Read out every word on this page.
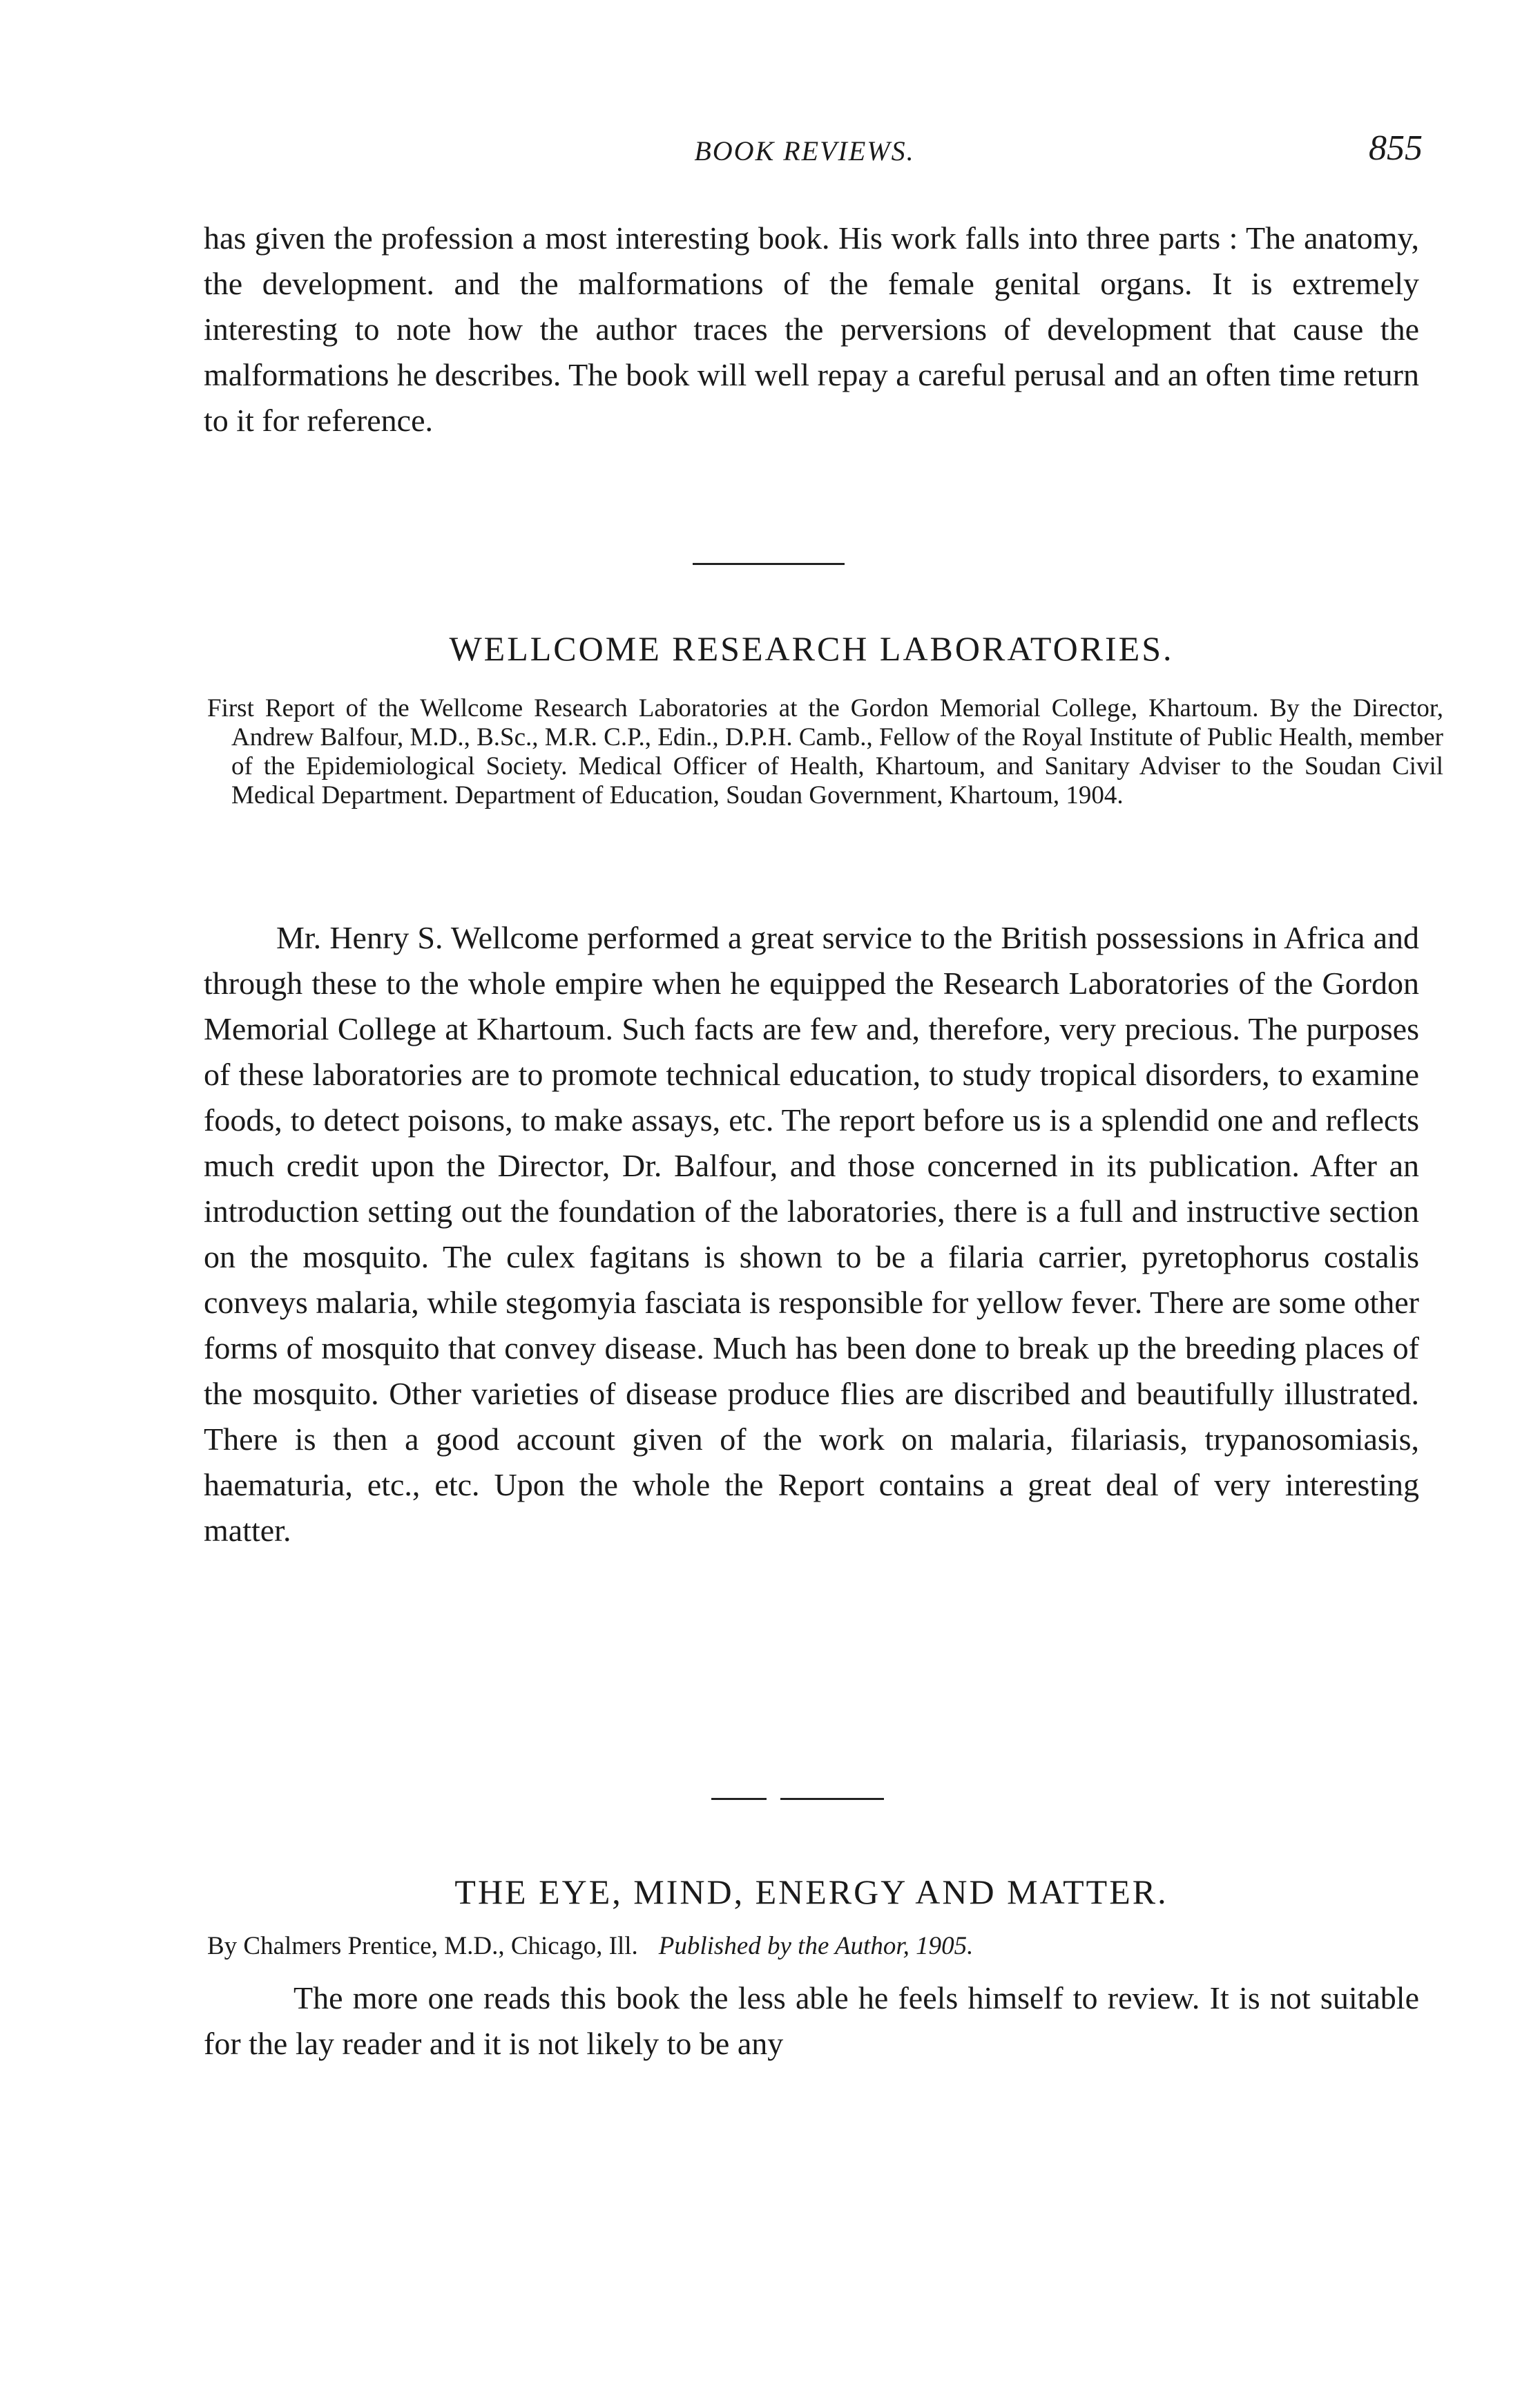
BOOK REVIEWS.	855

has given the profession a most interesting book. His work falls into three parts : The anatomy, the development. and the malformations of the female genital organs. It is extremely interesting to note how the author traces the perversions of development that cause the malformations he describes. The book will well repay a careful perusal and an often time return to it for reference.

WELLCOME RESEARCH LABORATORIES.

First Report of the Wellcome Research Laboratories at the Gordon Memorial College, Khartoum. By the Director, Andrew Balfour, M.D., B.Sc., M.R. C.P., Edin., D.P.H. Camb., Fellow of the Royal Institute of Public Health, member of the Epidemiological Society. Medical Officer of Health, Khartoum, and Sanitary Adviser to the Soudan Civil Medical Department. Department of Education, Soudan Government, Khartoum, 1904.

Mr. Henry S. Wellcome performed a great service to the British possessions in Africa and through these to the whole empire when he equipped the Research Laboratories of the Gordon Memorial College at Khartoum. Such facts are few and, therefore, very precious. The purposes of these laboratories are to promote technical education, to study tropical disorders, to examine foods, to detect poisons, to make assays, etc. The report before us is a splendid one and reflects much credit upon the Director, Dr. Balfour, and those concerned in its publication. After an introduction setting out the foundation of the laboratories, there is a full and instructive section on the mosquito. The culex fagitans is shown to be a filaria carrier, pyretophorus costalis conveys malaria, while stegomyia fasciata is responsible for yellow fever. There are some other forms of mosquito that convey disease. Much has been done to break up the breeding places of the mosquito. Other varieties of disease produce flies are discribed and beautifully illustrated. There is then a good account given of the work on malaria, filariasis, trypanosomiasis, haematuria, etc., etc. Upon the whole the Report contains a great deal of very interesting matter.

THE EYE, MIND, ENERGY AND MATTER.

By Chalmers Prentice, M.D., Chicago, Ill. Published by the Author, 1905.

The more one reads this book the less able he feels himself to review. It is not suitable for the lay reader and it is not likely to be any
